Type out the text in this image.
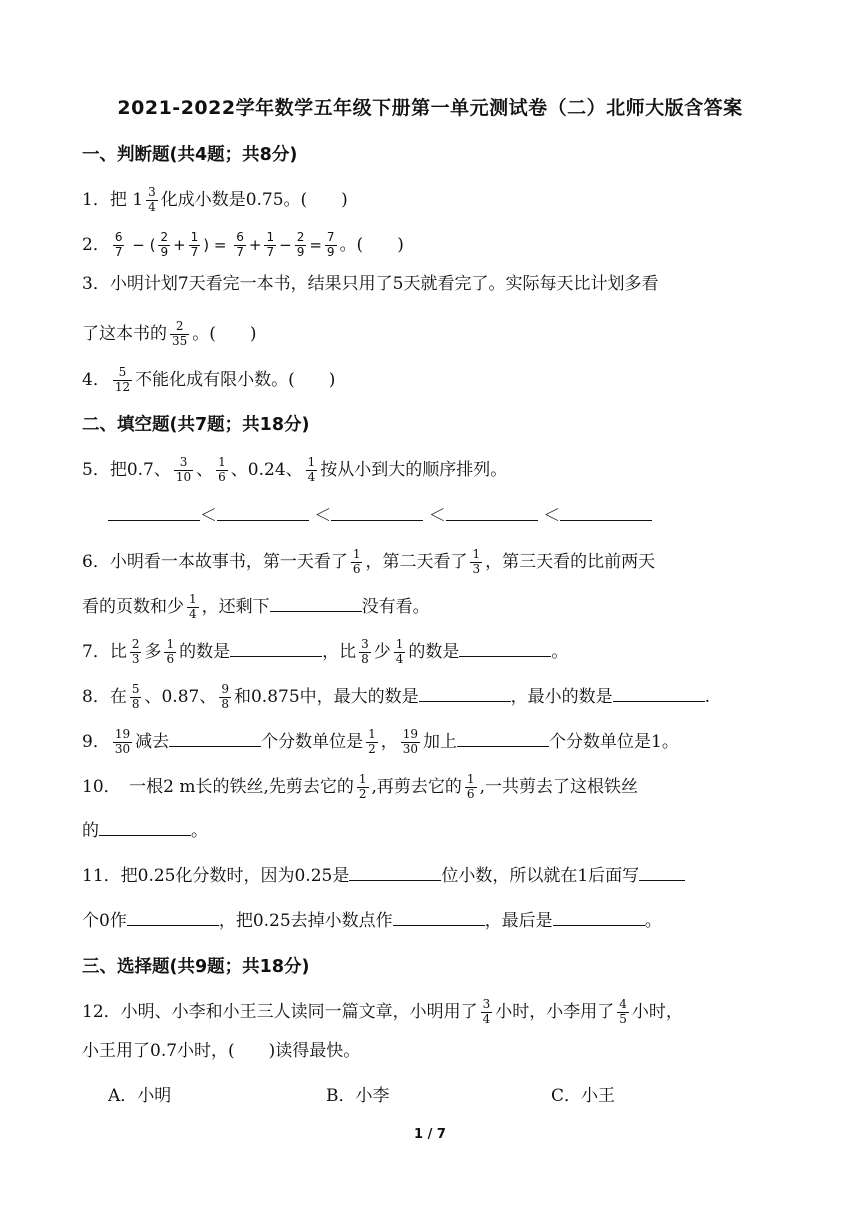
2021-2022学年数学五年级下册第一单元测试卷（二）北师大版含答案
一、判断题(共4题；共8分)
1．把 $1 \frac{3}{4}$ 化成小数是0.75。(　　)
2． $\frac{6}{7}$ − ( $\frac{2}{9} + \frac{1}{7}$ ) = $\frac{6}{7} + \frac{1}{7} - \frac{2}{9} = \frac{7}{9}$ 。(　　)
3．小明计划7天看完一本书，结果只用了5天就看完了。实际每天比计划多看
了这本书的 $\frac{2}{35}$ 。(　　)
4． $\frac{5}{12}$ 不能化成有限小数。(　　)
二、填空题(共7题；共18分)
5．把0.7、 $\frac{3}{10}$ 、 $\frac{1}{6}$ 、0.24、 $\frac{1}{4}$ 按从小到大的顺序排列。
＜	＜	＜	＜
6．小明看一本故事书，第一天看了 $\frac{1}{6}$ ，第二天看了 $\frac{1}{3}$ ，第三天看的比前两天
看的页数和少 $\frac{1}{4}$ ，还剩下	没有看。
7．比 $\frac{2}{3}$ 多 $\frac{1}{6}$ 的数是	，比 $\frac{3}{8}$ 少 $\frac{1}{4}$ 的数是	。
8．在 $\frac{5}{8}$ 、0.87、 $\frac{9}{8}$ 和0.875中，最大的数是	，最小的数是	.
9． $\frac{19}{30}$ 减去	个分数单位是 $\frac{1}{2}$ ， $\frac{19}{30}$ 加上	个分数单位是1。
10．　一根2 m长的铁丝,先剪去它的 $\frac{1}{2}$ ,再剪去它的 $\frac{1}{6}$ ,一共剪去了这根铁丝
的	。
11．把0.25化分数时，因为0.25是	位小数，所以就在1后面写
个0作	，把0.25去掉小数点作	，最后是	。
三、选择题(共9题；共18分)
12．小明、小李和小王三人读同一篇文章，小明用了 $\frac{3}{4}$ 小时，小李用了 $\frac{4}{5}$ 小时，
小王用了0.7小时，(　　)读得最快。
A．小明	B．小李	C．小王
1 / 7
